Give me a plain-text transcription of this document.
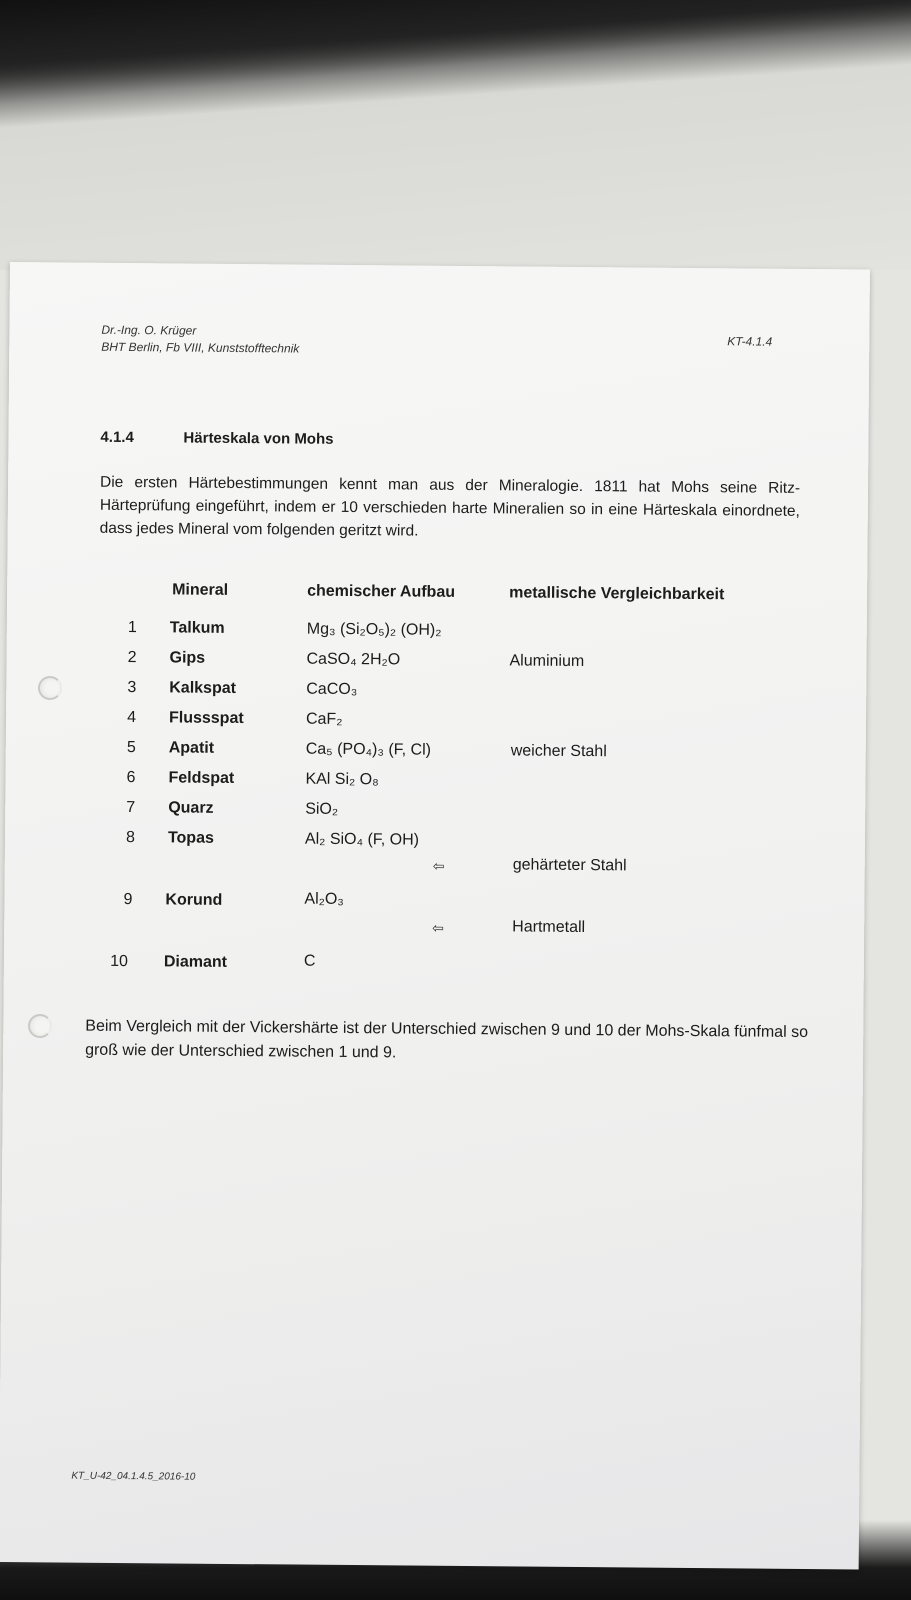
Dr.-Ing. O. Krüger
BHT Berlin, Fb VIII, Kunststofftechnik	KT-4.1.4
4.1.4	Härteskala von Mohs
Die ersten Härtebestimmungen kennt man aus der Mineralogie. 1811 hat Mohs seine Ritz-Härteprüfung eingeführt, indem er 10 verschieden harte Mineralien so in eine Härteskala einordnete, dass jedes Mineral vom folgenden geritzt wird.
Mineral	chemischer Aufbau	metallische Vergleichbarkeit
1 Talkum	Mg₃ (Si₂O₅)₂ (OH)₂
2 Gips	CaSO₄ 2H₂O	Aluminium
3 Kalkspat	CaCO₃
4 Flussspat	CaF₂
5 Apatit	Ca₅ (PO₄)₃ (F, Cl)	weicher Stahl
6 Feldspat	KAl Si₂ O₈
7 Quarz	SiO₂
8 Topas	Al₂ SiO₄ (F, OH)
⇦	gehärteter Stahl
9 Korund	Al₂O₃
⇦	Hartmetall
10 Diamant	C
Beim Vergleich mit der Vickershärte ist der Unterschied zwischen 9 und 10 der Mohs-Skala fünfmal so groß wie der Unterschied zwischen 1 und 9.
KT_U-42_04.1.4.5_2016-10
